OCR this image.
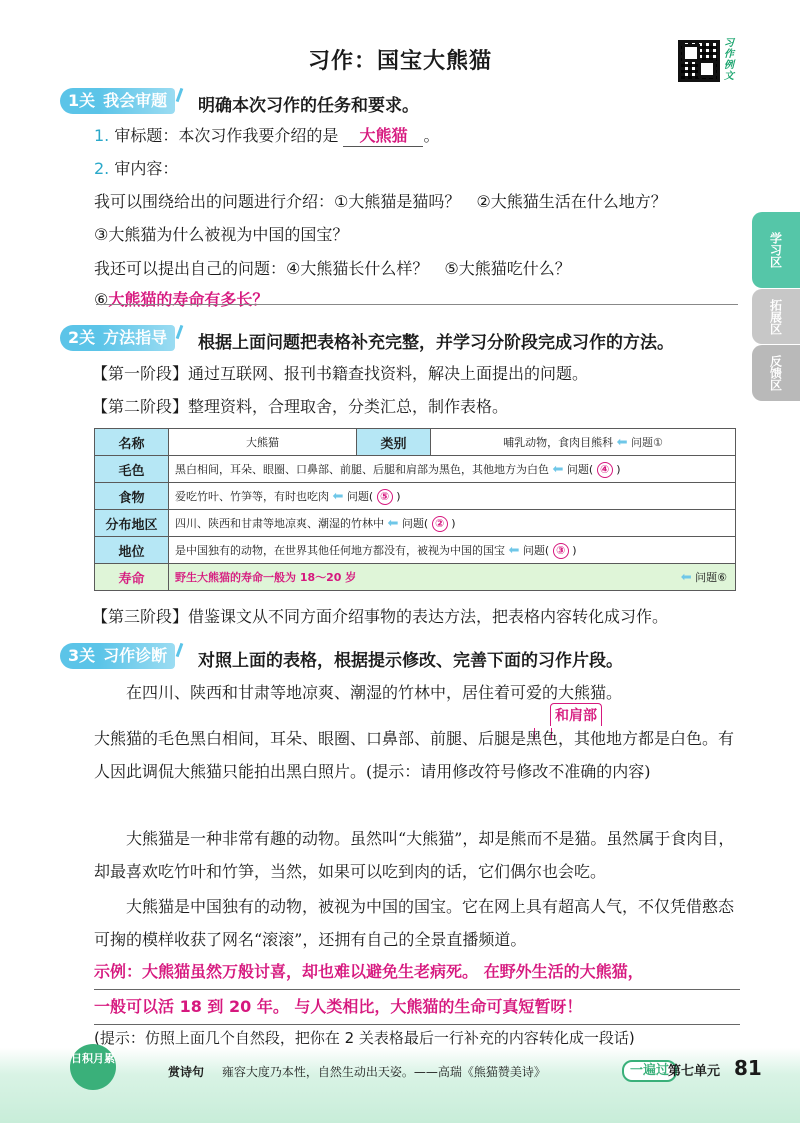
习作：国宝大熊猫
习作例文
1关 我会审题	明确本次习作的任务和要求。
1. 审标题：本次习作我要介绍的是 大熊猫 。
2. 审内容：
我可以围绕给出的问题进行介绍：①大熊猫是猫吗？　②大熊猫生活在什么地方？
③大熊猫为什么被视为中国的国宝？
我还可以提出自己的问题：④大熊猫长什么样？　⑤大熊猫吃什么？
⑥大熊猫的寿命有多长？
2关 方法指导	根据上面问题把表格补充完整，并学习分阶段完成习作的方法。
【第一阶段】通过互联网、报刊书籍查找资料，解决上面提出的问题。
【第二阶段】整理资料，合理取舍，分类汇总，制作表格。
名称	大熊猫	类别	哺乳动物，食肉目熊科 ⬅ 问题①
毛色	黑白相间，耳朵、眼圈、口鼻部、前腿、后腿和肩部为黑色，其他地方为白色 ⬅ 问题( ④ )		
食物	爱吃竹叶、竹笋等，有时也吃肉 ⬅ 问题( ⑤ )		
分布地区	四川、陕西和甘肃等地凉爽、潮湿的竹林中 ⬅ 问题( ② )		
地位	是中国独有的动物，在世界其他任何地方都没有，被视为中国的国宝 ⬅ 问题( ③ )		
寿命	野生大熊猫的寿命一般为 18～20 岁 ⬅ 问题⑥		
【第三阶段】借鉴课文从不同方面介绍事物的表达方法，把表格内容转化成习作。
3关 习作诊断	对照上面的表格，根据提示修改、完善下面的习作片段。
在四川、陕西和甘肃等地凉爽、潮湿的竹林中，居住着可爱的大熊猫。
和肩部
大熊猫的毛色黑白相间，耳朵、眼圈、口鼻部、前腿、后腿是黑色，其他地方都是白色。有人因此调侃大熊猫只能拍出黑白照片。(提示：请用修改符号修改不准确的内容)
大熊猫是一种非常有趣的动物。虽然叫“大熊猫”，却是熊而不是猫。虽然属于食肉目，却最喜欢吃竹叶和竹笋，当然，如果可以吃到肉的话，它们偶尔也会吃。
大熊猫是中国独有的动物，被视为中国的国宝。它在网上具有超高人气，不仅凭借憨态可掬的模样收获了网名“滚滚”，还拥有自己的全景直播频道。
示例：大熊猫虽然万般讨喜，却也难以避免生老病死。 在野外生活的大熊猫，
一般可以活 18 到 20 年。 与人类相比，大熊猫的生命可真短暂呀！
(提示：仿照上面几个自然段，把你在 2 关表格最后一行补充的内容转化成一段话)
学习区
拓展区
反馈区
日积月累
赏诗句 雍容大度乃本性，自然生动出天姿。——高瑞《熊猫赞美诗》	一遍过
第七单元 81
